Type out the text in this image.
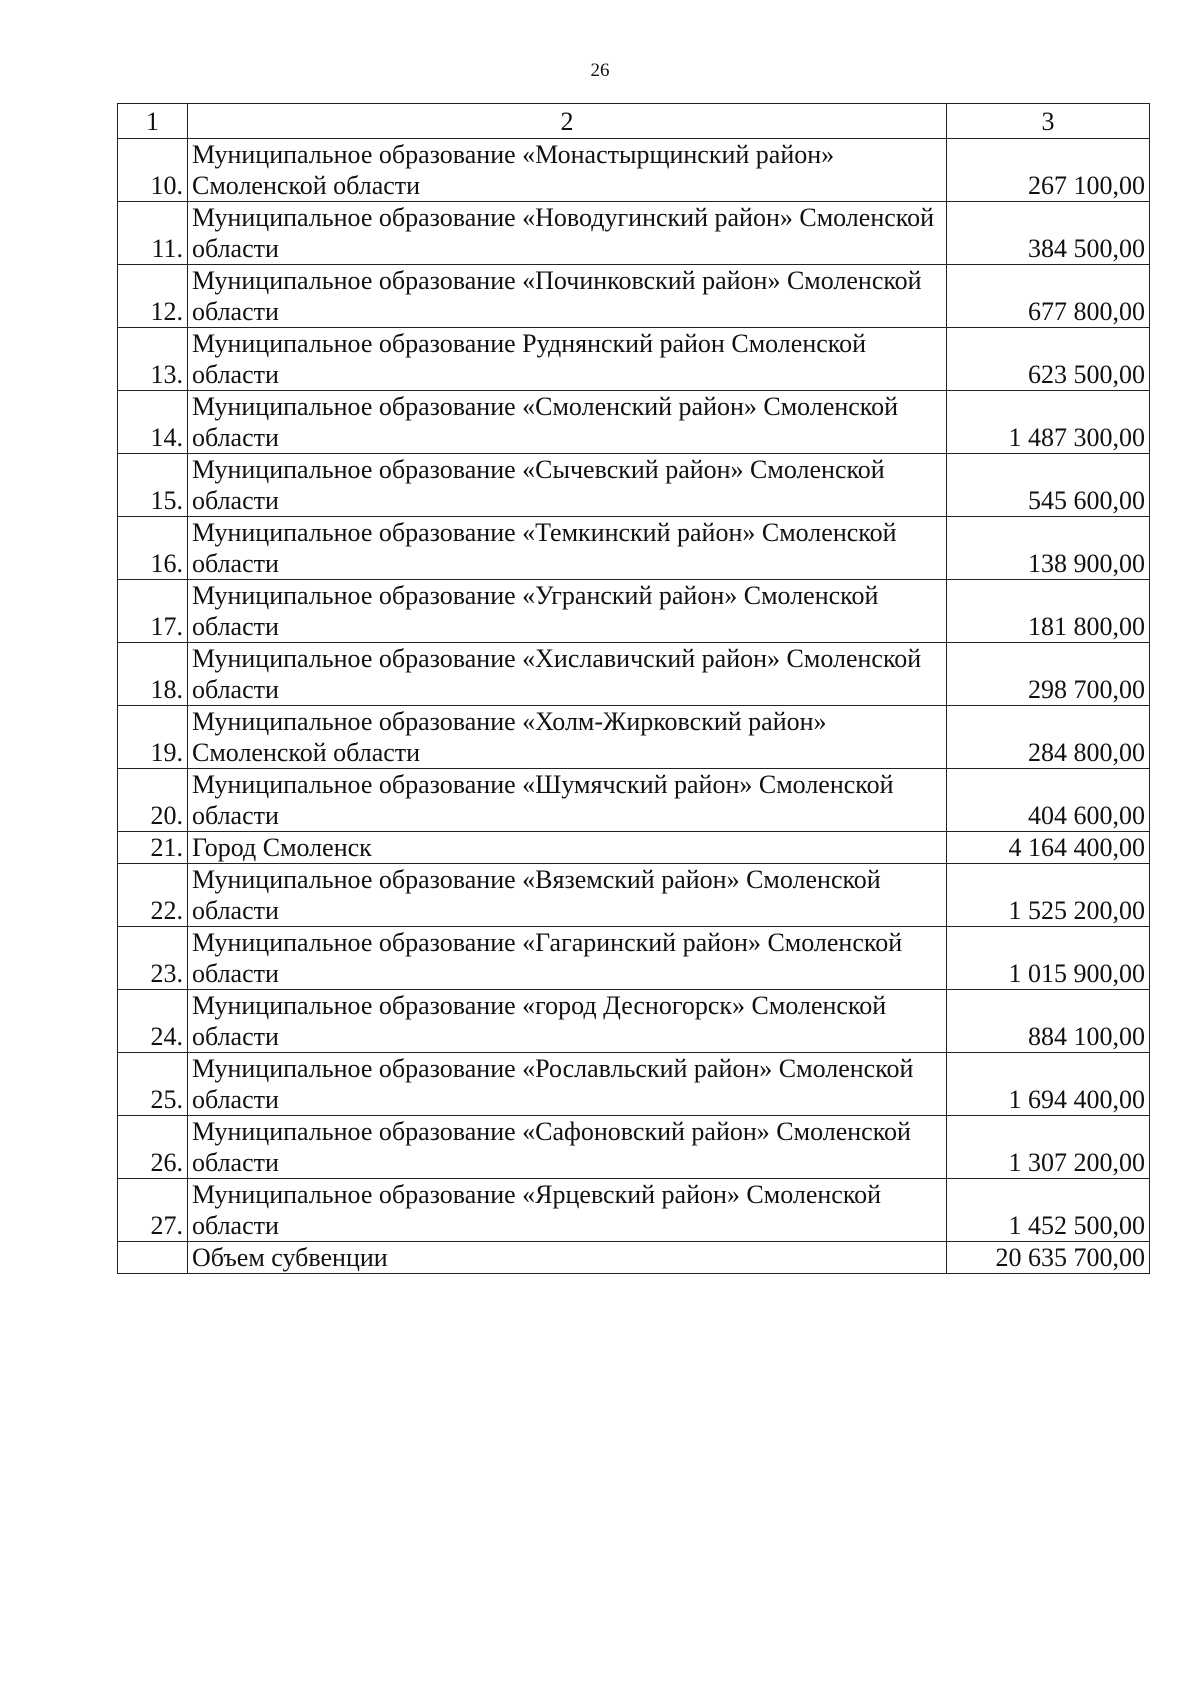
26
1	2	3
10.	Муниципальное образование «Монастырщинский район» Смоленской области	267 100,00
11.	Муниципальное образование «Новодугинский район» Смоленской области	384 500,00
12.	Муниципальное образование «Починковский район» Смоленской области	677 800,00
13.	Муниципальное образование Руднянский район Смоленской области	623 500,00
14.	Муниципальное образование «Смоленский район» Смоленской области	1 487 300,00
15.	Муниципальное образование «Сычевский район» Смоленской области	545 600,00
16.	Муниципальное образование «Темкинский район» Смоленской области	138 900,00
17.	Муниципальное образование «Угранский район» Смоленской области	181 800,00
18.	Муниципальное образование «Хиславичский район» Смоленской области	298 700,00
19.	Муниципальное образование «Холм-Жирковский район» Смоленской области	284 800,00
20.	Муниципальное образование «Шумячский район» Смоленской области	404 600,00
21.	Город Смоленск	4 164 400,00
22.	Муниципальное образование «Вяземский район» Смоленской области	1 525 200,00
23.	Муниципальное образование «Гагаринский район» Смоленской области	1 015 900,00
24.	Муниципальное образование «город Десногорск» Смоленской области	884 100,00
25.	Муниципальное образование «Рославльский район» Смоленской области	1 694 400,00
26.	Муниципальное образование «Сафоновский район» Смоленской области	1 307 200,00
27.	Муниципальное образование «Ярцевский район» Смоленской области	1 452 500,00
	Объем субвенции	20 635 700,00
